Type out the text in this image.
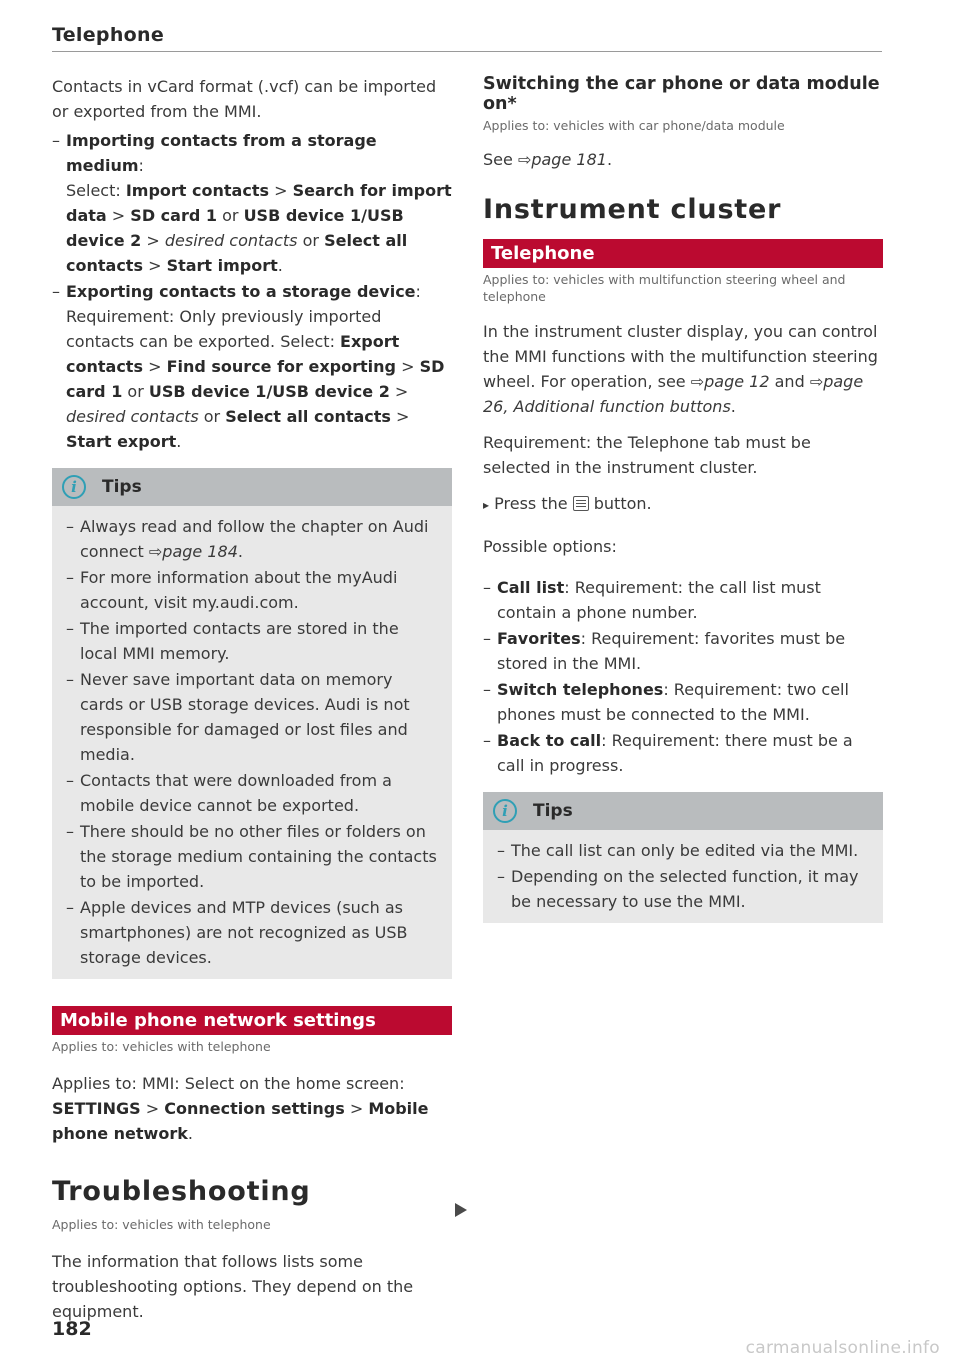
Telephone

Contacts in vCard format (.vcf) can be imported or exported from the MMI.

– Importing contacts from a storage medium:
Select: Import contacts > Search for import data > SD card 1 or USB device 1/USB device 2 > desired contacts or Select all contacts > Start import.
– Exporting contacts to a storage device: Requirement: Only previously imported contacts can be exported. Select: Export contacts > Find source for exporting > SD card 1 or USB device 1/USB device 2 > desired contacts or Select all contacts > Start export.
i	Tips
– Always read and follow the chapter on Audi connect ⇨page 184.
– For more information about the myAudi account, visit my.audi.com.
– The imported contacts are stored in the local MMI memory.
– Never save important data on memory cards or USB storage devices. Audi is not responsible for damaged or lost files and media.
– Contacts that were downloaded from a mobile device cannot be exported.
– There should be no other files or folders on the storage medium containing the contacts to be imported.
– Apple devices and MTP devices (such as smartphones) are not recognized as USB storage devices.
Mobile phone network settings
Applies to: vehicles with telephone

Applies to: MMI: Select on the home screen: SETTINGS > Connection settings > Mobile phone network.

Troubleshooting
Applies to: vehicles with telephone

The information that follows lists some troubleshooting options. They depend on the equipment.

Switching the car phone or data module on*
Applies to: vehicles with car phone/data module

See ⇨page 181.

Instrument cluster
Telephone
Applies to: vehicles with multifunction steering wheel and telephone

In the instrument cluster display, you can control the MMI functions with the multifunction steering wheel. For operation, see ⇨page 12 and ⇨page 26, Additional function buttons.

Requirement: the Telephone tab must be selected in the instrument cluster.

▸ Press the  button.

Possible options:

– Call list: Requirement: the call list must contain a phone number.
– Favorites: Requirement: favorites must be stored in the MMI.
– Switch telephones: Requirement: two cell phones must be connected to the MMI.
– Back to call: Requirement: there must be a call in progress.
i	Tips
– The call list can only be edited via the MMI.
– Depending on the selected function, it may be necessary to use the MMI.
182
carmanualsonline.info
